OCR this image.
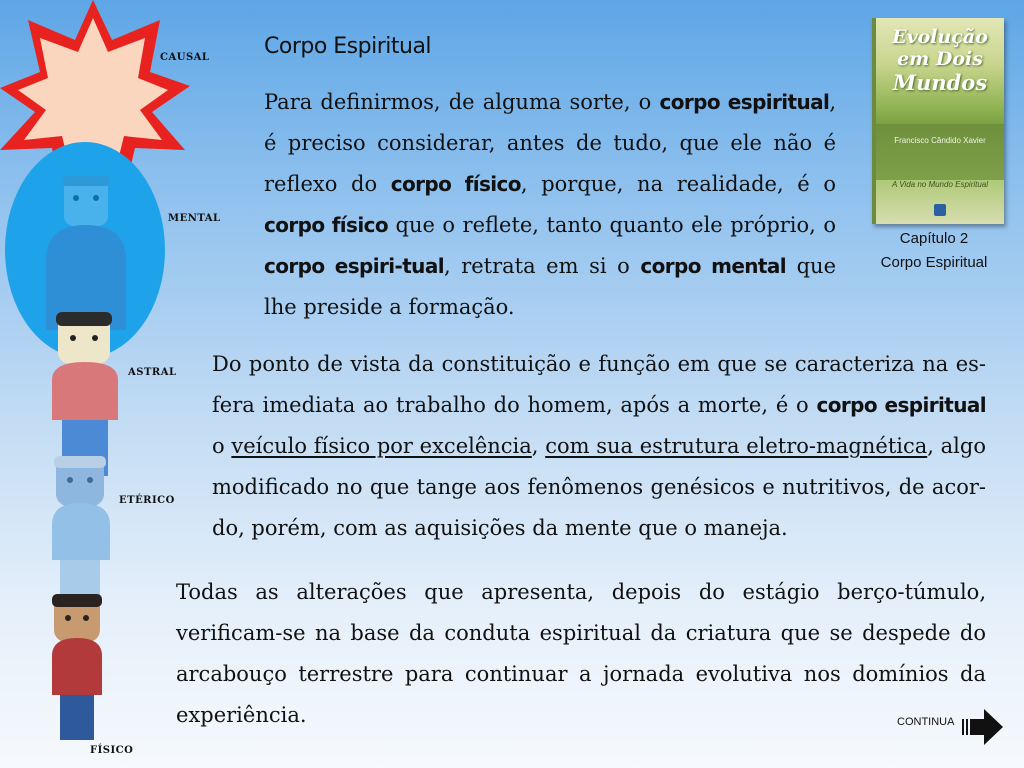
CAUSAL
MENTAL
ASTRAL
ETÉRICO
FÍSICO
Corpo Espiritual
Para definirmos, de alguma sorte, o corpo espiritual, é preciso considerar, antes de tudo, que ele não é reflexo do corpo físico, porque, na realidade, é o corpo físico que o reflete, tanto quanto ele próprio, o corpo espiri-tual, retrata em si o corpo mental que lhe preside a formação.
Evolução
em Dois
Mundos
Francisco Cândido Xavier
A Vida no Mundo Espiritual
Capítulo 2
Corpo Espiritual
Do ponto de vista da constituição e função em que se caracteriza na es-fera imediata ao trabalho do homem, após a morte, é o corpo espiritual o veículo físico por excelência, com sua estrutura eletro-magnética, algo modificado no que tange aos fenômenos genésicos e nutritivos, de acor-do, porém, com as aquisições da mente que o maneja.
Todas as alterações que apresenta, depois do estágio berço-túmulo, verificam-se na base da conduta espiritual da criatura que se despede do arcabouço terrestre para continuar a jornada evolutiva nos domínios da experiência.	CONTINUA
